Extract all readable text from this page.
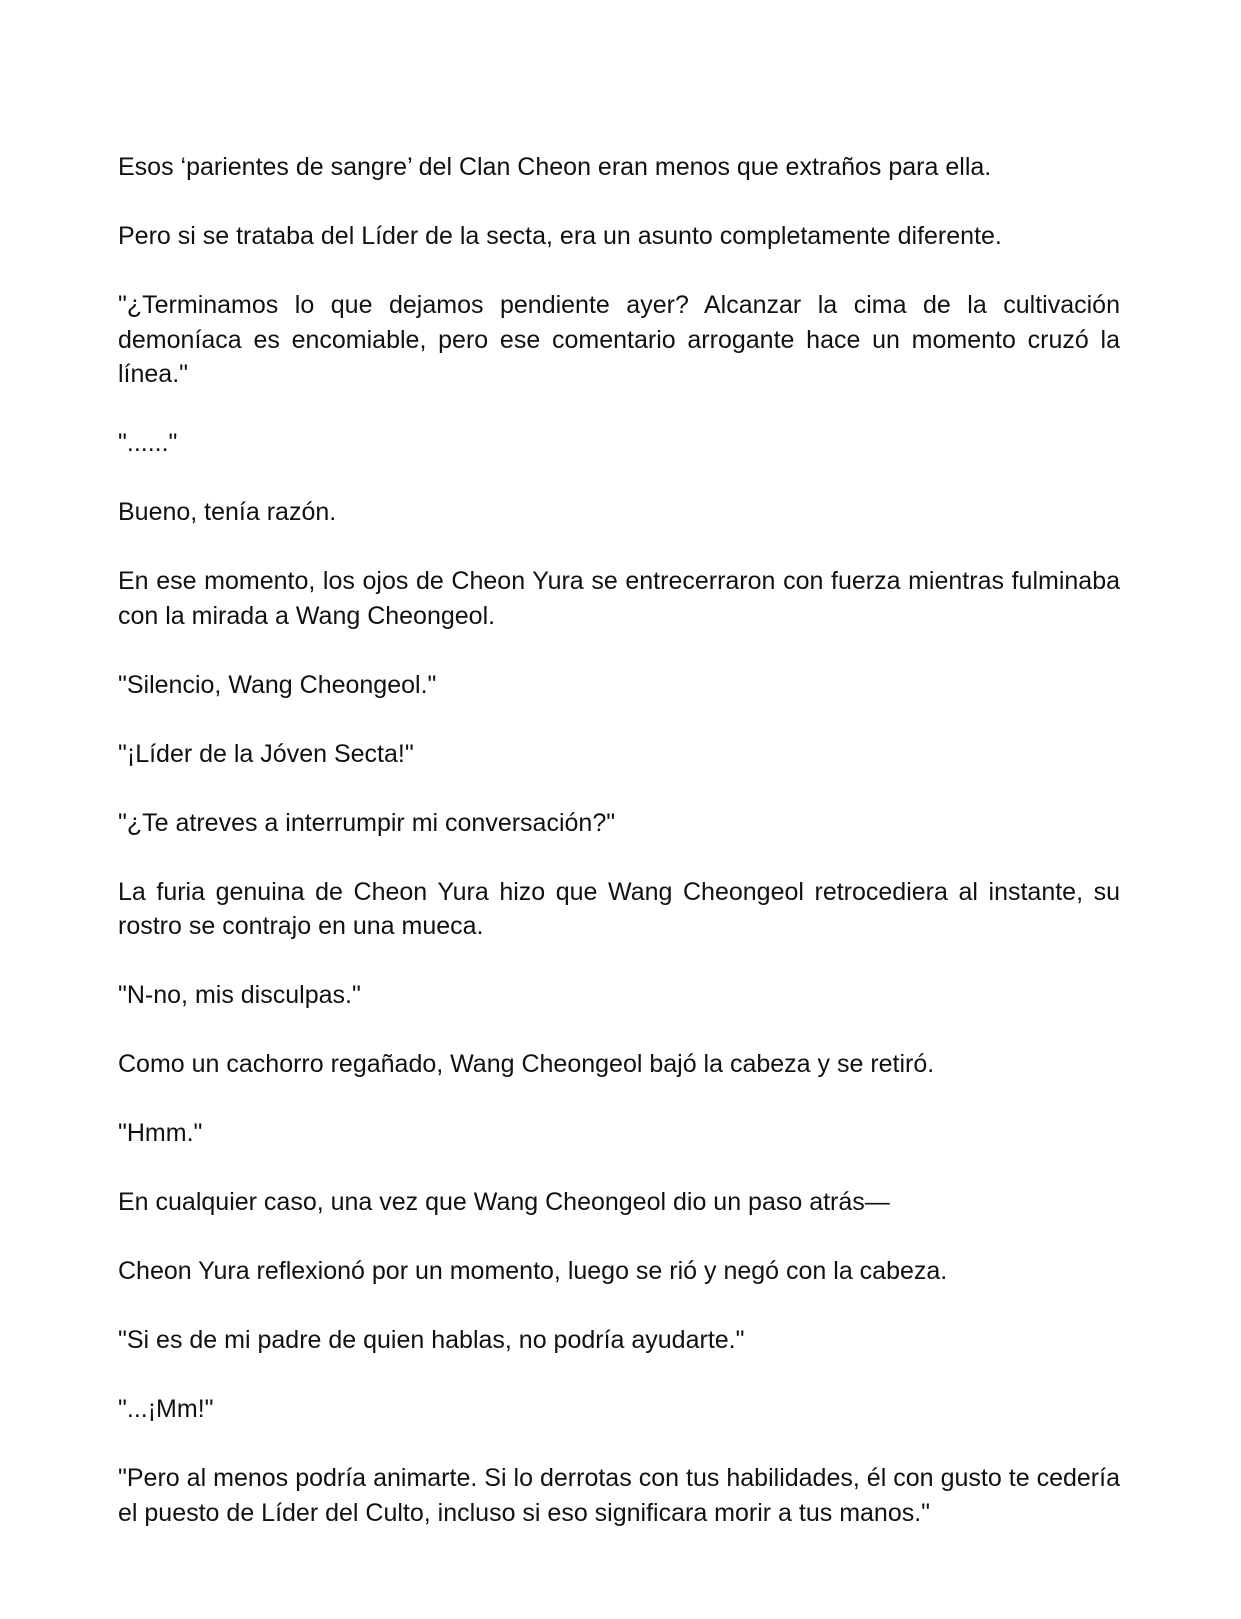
Esos ‘parientes de sangre’ del Clan Cheon eran menos que extraños para ella.

Pero si se trataba del Líder de la secta, era un asunto completamente diferente.

"¿Terminamos lo que dejamos pendiente ayer? Alcanzar la cima de la cultivación demoníaca es encomiable, pero ese comentario arrogante hace un momento cruzó la línea."

"......"

Bueno, tenía razón.

En ese momento, los ojos de Cheon Yura se entrecerraron con fuerza mientras fulminaba con la mirada a Wang Cheongeol.

"Silencio, Wang Cheongeol."

"¡Líder de la Jóven Secta!"

"¿Te atreves a interrumpir mi conversación?"

La furia genuina de Cheon Yura hizo que Wang Cheongeol retrocediera al instante, su rostro se contrajo en una mueca.

"N-no, mis disculpas."

Como un cachorro regañado, Wang Cheongeol bajó la cabeza y se retiró.

"Hmm."

En cualquier caso, una vez que Wang Cheongeol dio un paso atrás—

Cheon Yura reflexionó por un momento, luego se rió y negó con la cabeza.

"Si es de mi padre de quien hablas, no podría ayudarte."

"...¡Mm!"

"Pero al menos podría animarte. Si lo derrotas con tus habilidades, él con gusto te cedería el puesto de Líder del Culto, incluso si eso significara morir a tus manos."
